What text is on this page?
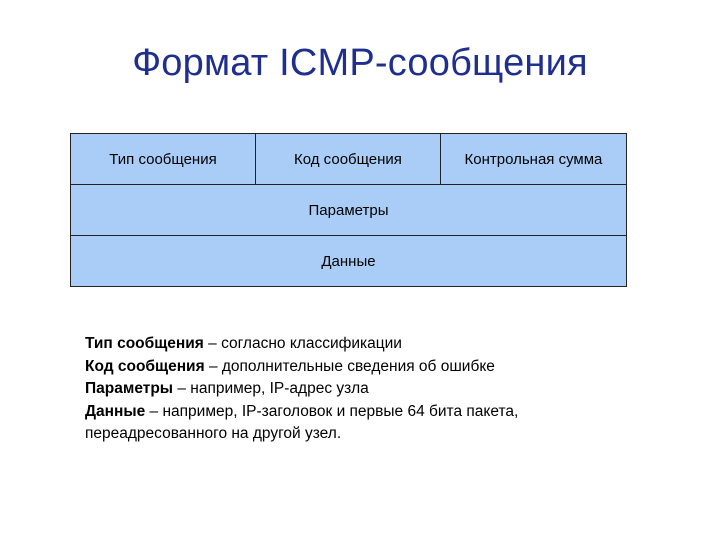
Формат ICMP-сообщения
Тип сообщения	Код сообщения	Контрольная сумма
Параметры
Данные
Тип сообщения – согласно классификации
Код сообщения – дополнительные сведения об ошибке
Параметры – например, IP-адрес узла
Данные – например, IP-заголовок и первые 64 бита пакета,
переадресованного на другой узел.
